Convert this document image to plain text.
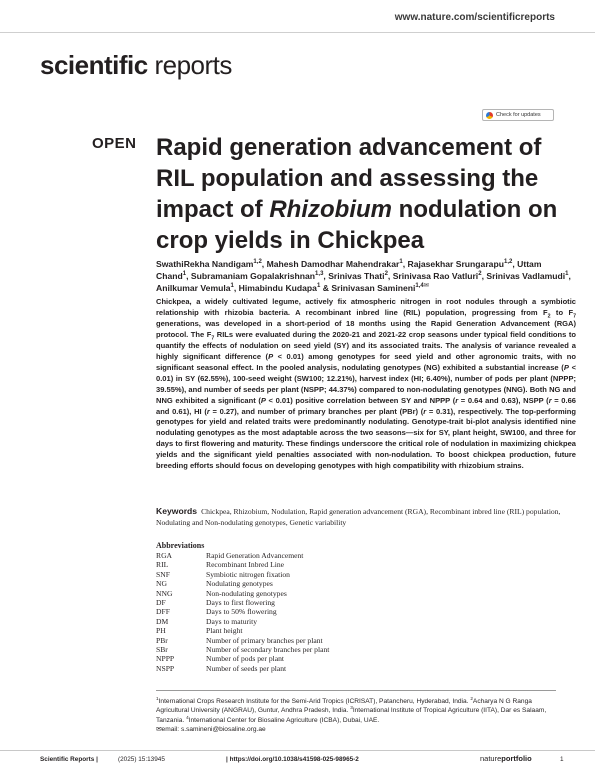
www.nature.com/scientificreports
scientific reports
Check for updates
OPEN Rapid generation advancement of RIL population and assessing the impact of Rhizobium nodulation on crop yields in Chickpea
SwathiRekha Nandigam$^{1,2}$, Mahesh Damodhar Mahendrakar$^1$, Rajasekhar Srungarapu$^{1,2}$, Uttam Chand$^1$, Subramaniam Gopalakrishnan$^{1,3}$, Srinivas Thati$^2$, Srinivasa Rao Vatluri$^2$, Srinivas Vadlamudi$^1$, Anilkumar Vemula$^1$, Himabindu Kudapa$^1$ & Srinivasan Samineni$^{1,4✉}$

Chickpea, a widely cultivated legume, actively fix atmospheric nitrogen in root nodules through a symbiotic relationship with rhizobia bacteria. A recombinant inbred line (RIL) population, progressing from $F_2$ to $F_7$ generations, was developed in a short-period of 18 months using the Rapid Generation Advancement (RGA) protocol. The $F_7$ RILs were evaluated during the 2020-21 and 2021-22 crop seasons under typical field conditions to quantify the effects of nodulation on seed yield (SY) and its associated traits. The analysis of variance revealed a highly significant difference (P < 0.01) among genotypes for seed yield and other agronomic traits, with no significant seasonal effect. In the pooled analysis, nodulating genotypes (NG) exhibited a substantial increase (P < 0.01) in SY (62.55%), 100-seed weight (SW100; 12.21%), harvest index (HI; 6.40%), number of pods per plant (NPPP; 39.55%), and number of seeds per plant (NSPP; 44.37%) compared to non-nodulating genotypes (NNG). Both NG and NNG exhibited a significant (P < 0.01) positive correlation between SY and NPPP (r = 0.64 and 0.63), NSPP (r = 0.66 and 0.61), HI (r = 0.27), and number of primary branches per plant (PBr) (r = 0.31), respectively. The top-performing genotypes for yield and related traits were predominantly nodulating. Genotype-trait bi-plot analysis identified nine nodulating genotypes as the most adaptable across the two seasons—six for SY, plant height, SW100, and three for days to first flowering and maturity. These findings underscore the critical role of nodulation in maximizing chickpea yields and the significant yield penalties associated with non-nodulation. To boost chickpea production, future breeding efforts should focus on developing genotypes with high compatibility with rhizobium strains.

Keywords Chickpea, Rhizobium, Nodulation, Rapid generation advancement (RGA), Recombinant inbred line (RIL) population, Nodulating and Non-nodulating genotypes, Genetic variability
Abbreviations
RGA	Rapid Generation Advancement
RIL	Recombinant Inbred Line
SNF	Symbiotic nitrogen fixation
NG	Nodulating genotypes
NNG	Non-nodulating genotypes
DF	Days to first flowering
DFF	Days to 50% flowering
DM	Days to maturity
PH	Plant height
PBr	Number of primary branches per plant
SBr	Number of secondary branches per plant
NPPP	Number of pods per plant
NSPP	Number of seeds per plant

$^1$International Crops Research Institute for the Semi-Arid Tropics (ICRISAT), Patancheru, Hyderabad, India. $^2$Acharya N G Ranga Agricultural University (ANGRAU), Guntur, Andhra Pradesh, India. $^3$International Institute of Tropical Agriculture (IITA), Dar es Salaam, Tanzania. $^4$International Center for Biosaline Agriculture (ICBA), Dubai, UAE.
✉email: s.samineni@biosaline.org.ae

Scientific Reports |	(2025) 15:13945	| https://doi.org/10.1038/s41598-025-98965-2	natureportfolio	1
